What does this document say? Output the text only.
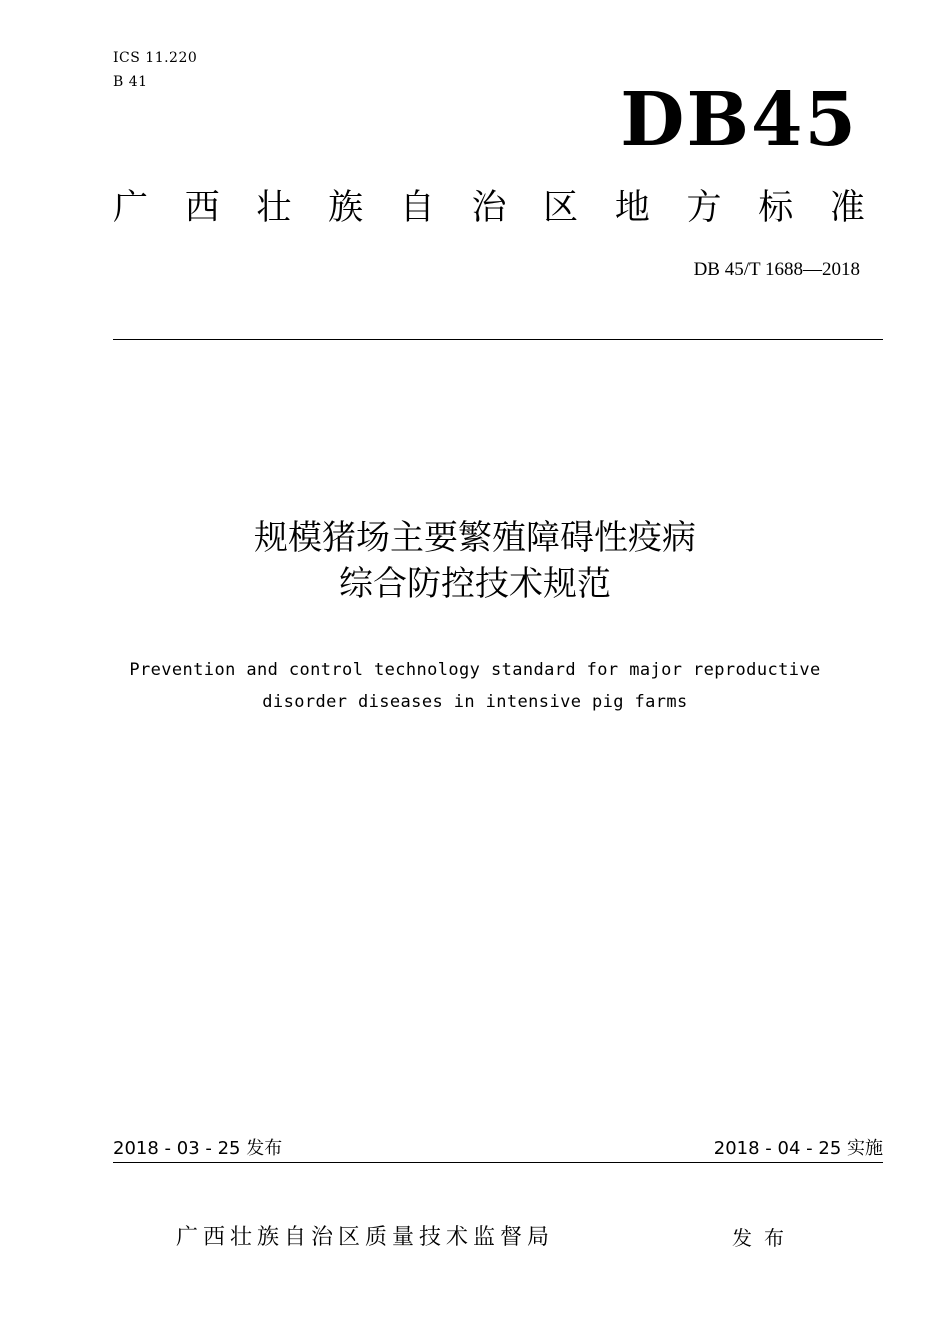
ICS 11.220
B 41	DB45
广 西 壮 族 自 治 区 地 方 标 准
DB 45/T 1688—2018
规模猪场主要繁殖障碍性疫病
综合防控技术规范
Prevention and control technology standard for major reproductive
disorder diseases in intensive pig farms
2018 - 03 - 25 发布	2018 - 04 - 25 实施
广西壮族自治区质量技术监督局	发布
